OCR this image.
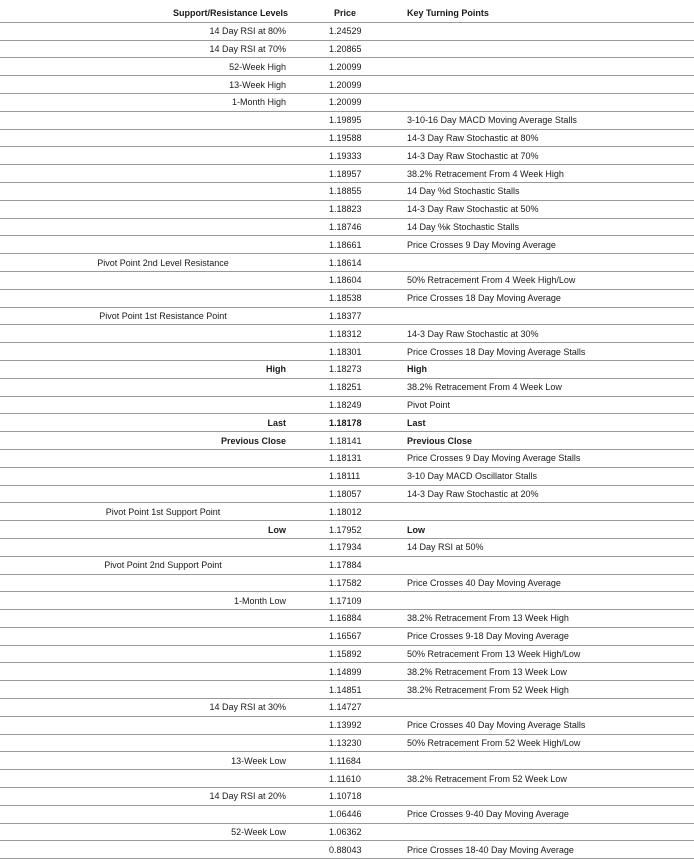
Support/Resistance Levels	Price	Key Turning Points
14 Day RSI at 80%	1.24529	
14 Day RSI at 70%	1.20865	
52-Week High	1.20099	
13-Week High	1.20099	
1-Month High	1.20099	
	1.19895	3-10-16 Day MACD Moving Average Stalls
	1.19588	14-3 Day Raw Stochastic at 80%
	1.19333	14-3 Day Raw Stochastic at 70%
	1.18957	38.2% Retracement From 4 Week High
	1.18855	14 Day %d Stochastic Stalls
	1.18823	14-3 Day Raw Stochastic at 50%
	1.18746	14 Day %k Stochastic Stalls
	1.18661	Price Crosses 9 Day Moving Average
Pivot Point 2nd Level Resistance	1.18614	
	1.18604	50% Retracement From 4 Week High/Low
	1.18538	Price Crosses 18 Day Moving Average
Pivot Point 1st Resistance Point	1.18377	
	1.18312	14-3 Day Raw Stochastic at 30%
	1.18301	Price Crosses 18 Day Moving Average Stalls
High	1.18273	High
	1.18251	38.2% Retracement From 4 Week Low
	1.18249	Pivot Point
Last	1.18178	Last
Previous Close	1.18141	Previous Close
	1.18131	Price Crosses 9 Day Moving Average Stalls
	1.18111	3-10 Day MACD Oscillator Stalls
	1.18057	14-3 Day Raw Stochastic at 20%
Pivot Point 1st Support Point	1.18012	
Low	1.17952	Low
	1.17934	14 Day RSI at 50%
Pivot Point 2nd Support Point	1.17884	
	1.17582	Price Crosses 40 Day Moving Average
1-Month Low	1.17109	
	1.16884	38.2% Retracement From 13 Week High
	1.16567	Price Crosses 9-18 Day Moving Average
	1.15892	50% Retracement From 13 Week High/Low
	1.14899	38.2% Retracement From 13 Week Low
	1.14851	38.2% Retracement From 52 Week High
14 Day RSI at 30%	1.14727	
	1.13992	Price Crosses 40 Day Moving Average Stalls
	1.13230	50% Retracement From 52 Week High/Low
13-Week Low	1.11684	
	1.11610	38.2% Retracement From 52 Week Low
14 Day RSI at 20%	1.10718	
	1.06446	Price Crosses 9-40 Day Moving Average
52-Week Low	1.06362	
	0.88043	Price Crosses 18-40 Day Moving Average
